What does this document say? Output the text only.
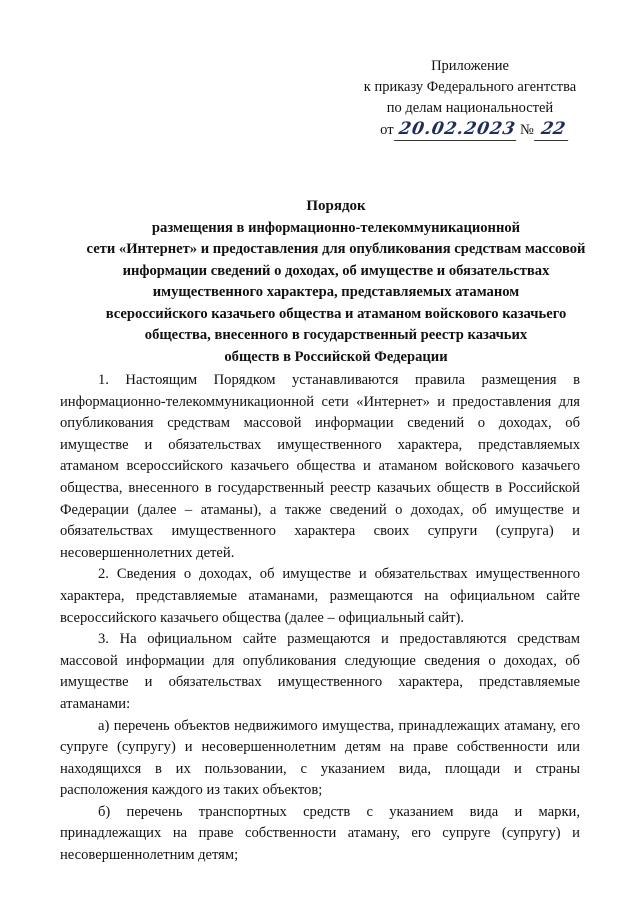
Приложение
к приказу Федерального агентства
по делам национальностей
от 20.02.2023 № 22
Порядок
размещения в информационно-телекоммуникационной
сети «Интернет» и предоставления для опубликования средствам массовой
информации сведений о доходах, об имуществе и обязательствах
имущественного характера, представляемых атаманом
всероссийского казачьего общества и атаманом войскового казачьего
общества, внесенного в государственный реестр казачьих
обществ в Российской Федерации

1. Настоящим Порядком устанавливаются правила размещения в информационно-телекоммуникационной сети «Интернет» и предоставления для опубликования средствам массовой информации сведений о доходах, об имуществе и обязательствах имущественного характера, представляемых атаманом всероссийского казачьего общества и атаманом войскового казачьего общества, внесенного в государственный реестр казачьих обществ в Российской Федерации (далее – атаманы), а также сведений о доходах, об имуществе и обязательствах имущественного характера своих супруги (супруга) и несовершеннолетних детей.

2. Сведения о доходах, об имуществе и обязательствах имущественного характера, представляемые атаманами, размещаются на официальном сайте всероссийского казачьего общества (далее – официальный сайт).

3. На официальном сайте размещаются и предоставляются средствам массовой информации для опубликования следующие сведения о доходах, об имуществе и обязательствах имущественного характера, представляемые атаманами:

а) перечень объектов недвижимого имущества, принадлежащих атаману, его супруге (супругу) и несовершеннолетним детям на праве собственности или находящихся в их пользовании, с указанием вида, площади и страны расположения каждого из таких объектов;

б) перечень транспортных средств с указанием вида и марки, принадлежащих на праве собственности атаману, его супруге (супругу) и несовершеннолетним детям;
